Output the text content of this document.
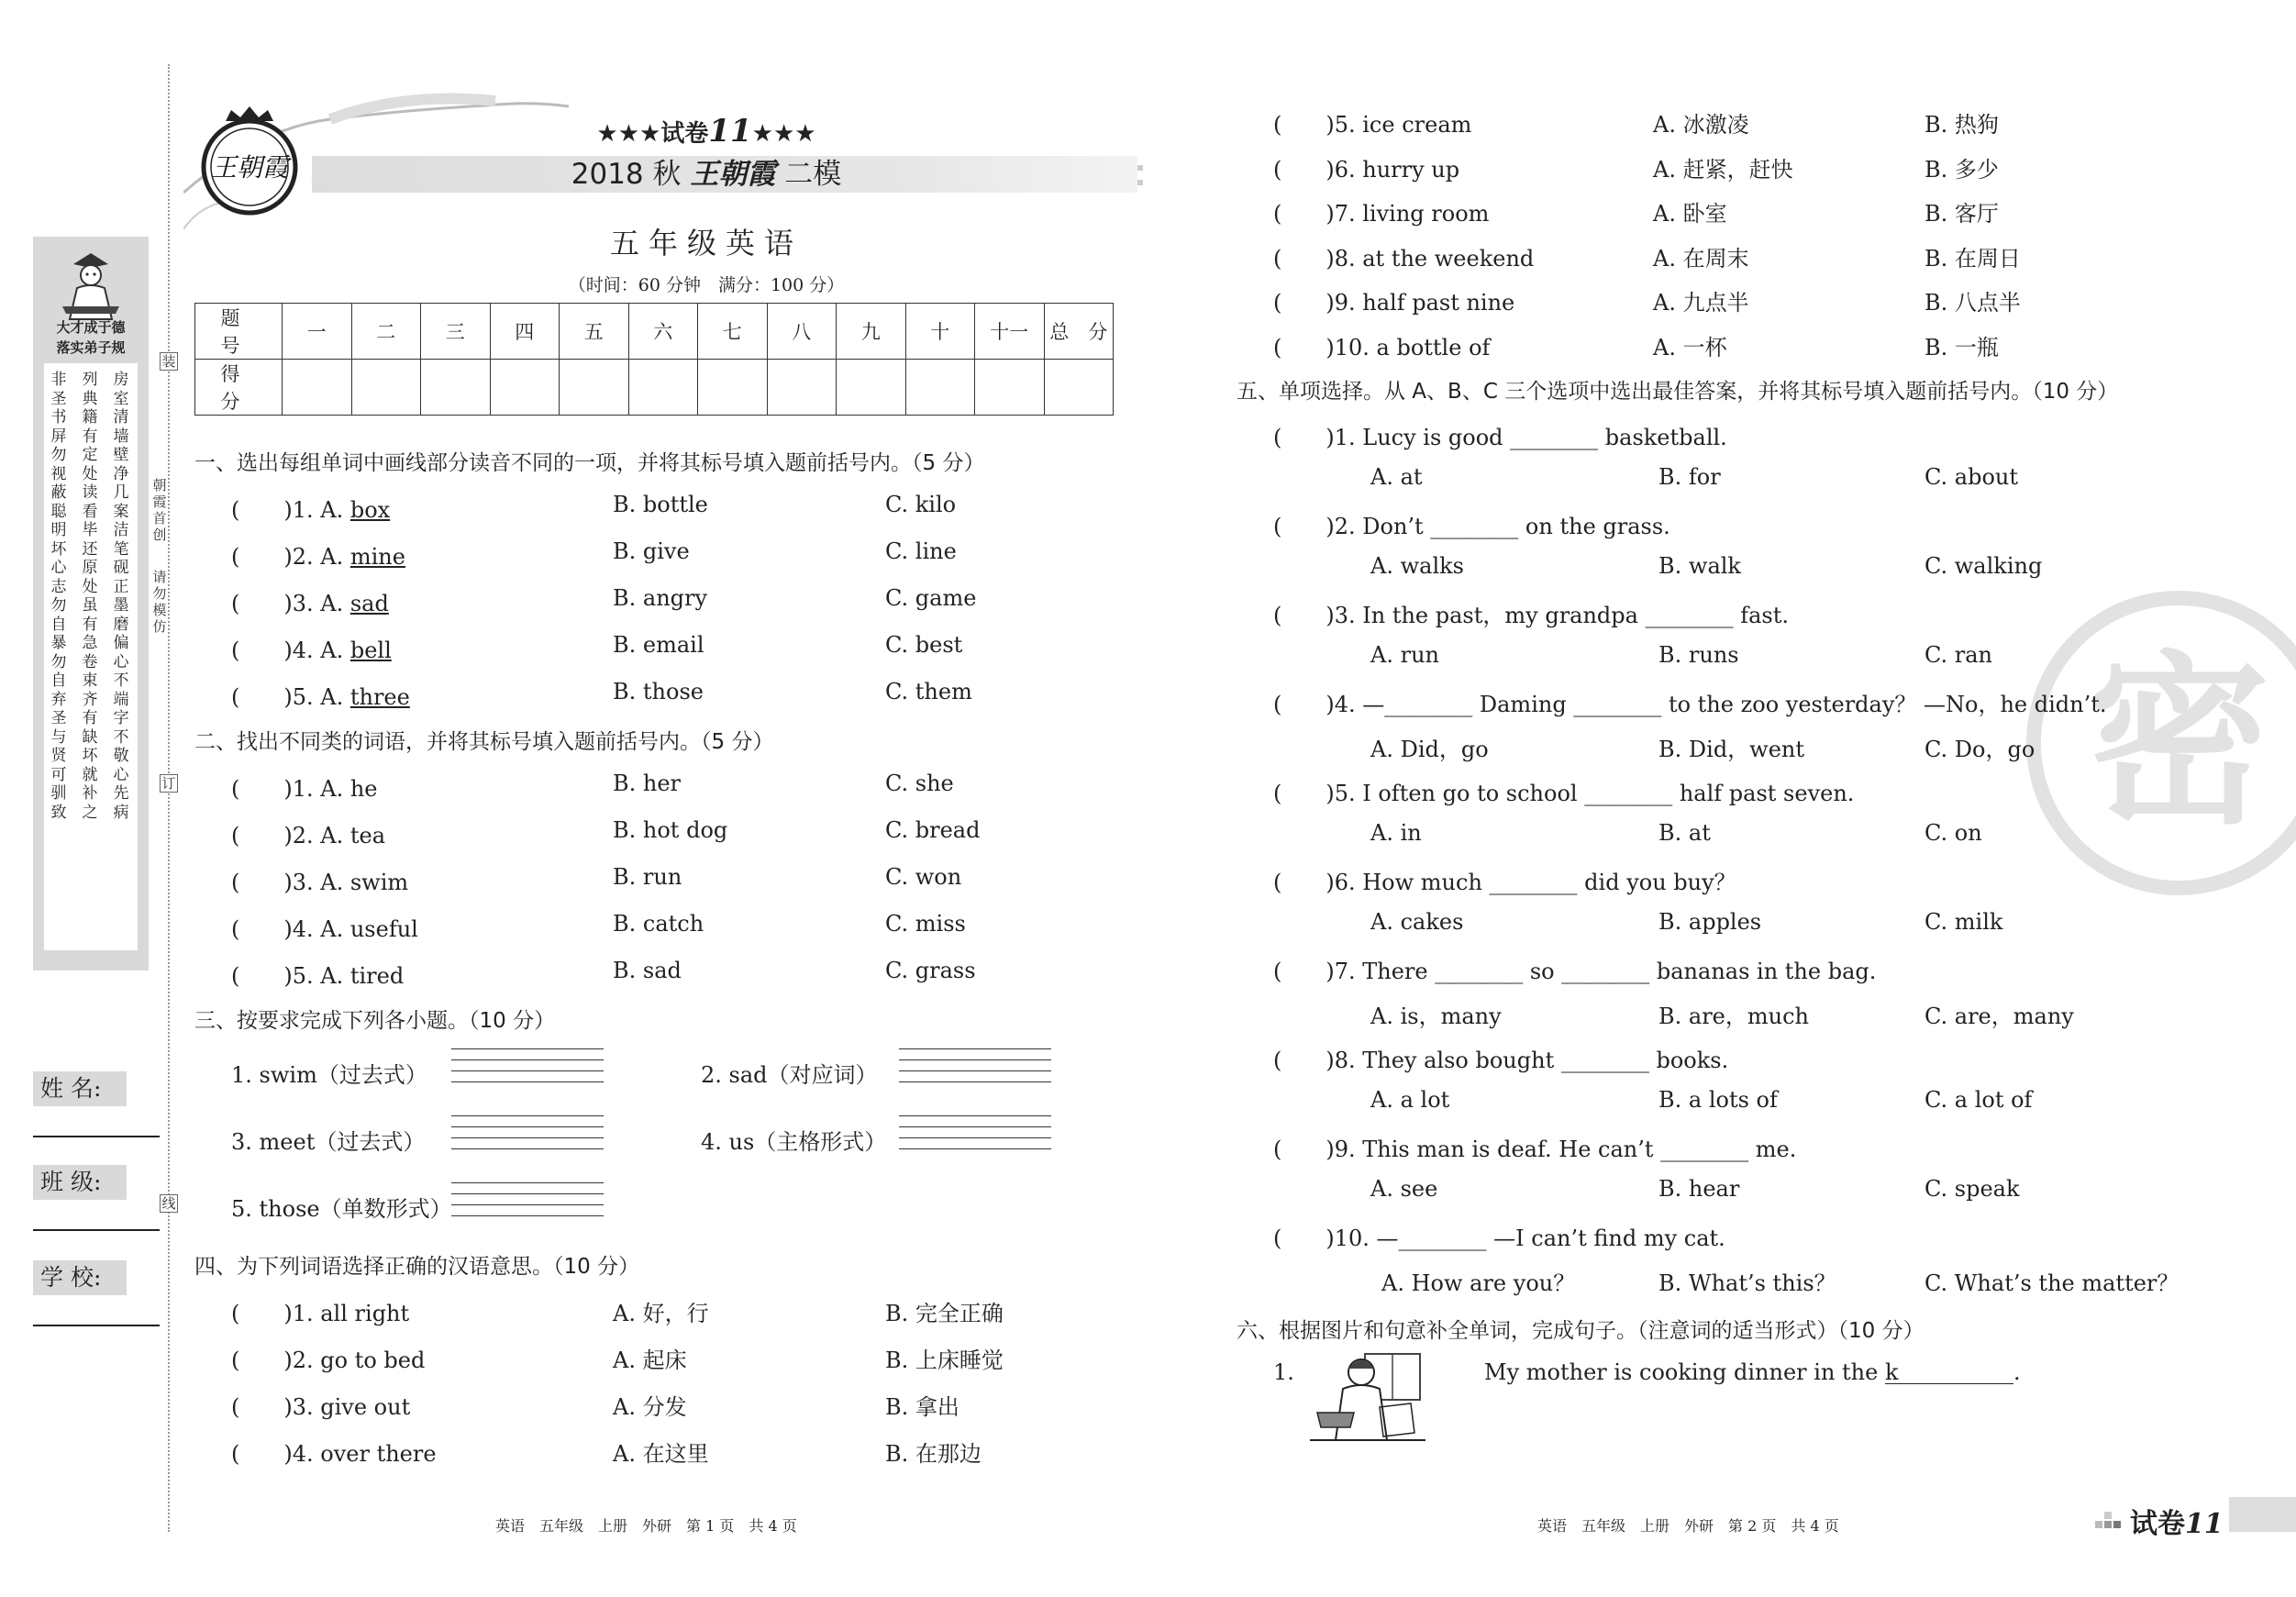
大才成于德
落实弟子规
非圣书屏勿视蔽聪明坏心志勿自暴勿自弃圣与贤可驯致
列典籍有定处读看毕还原处虽有急卷束齐有缺坏就补之
房室清墙壁净几案洁笔砚正墨磨偏心不端字不敬心先病
朝霞首创
请勿模仿
装
订
线
姓 名:
班 级:
学 校:
王朝霞
★★★试卷11★★★
2018 秋 王朝霞 二模
五年级英语
（时间：60 分钟　满分：100 分）
题　号	一	二	三	四	五	六	七	八	九	十	十一	总　分
得　分												
一、选出每组单词中画线部分读音不同的一项，并将其标号填入题前括号内。（5 分）
(　　)1. A. box	B. bottle	C. kilo
(　　)2. A. mine	B. give	C. line
(　　)3. A. sad	B. angry	C. game
(　　)4. A. bell	B. email	C. best
(　　)5. A. three	B. those	C. them
二、找出不同类的词语，并将其标号填入题前括号内。（5 分）
(　　)1. A. he	B. her	C. she
(　　)2. A. tea	B. hot dog	C. bread
(　　)3. A. swim	B. run	C. won
(　　)4. A. useful	B. catch	C. miss
(　　)5. A. tired	B. sad	C. grass
三、按要求完成下列各小题。（10 分）
1. swim（过去式）	2. sad（对应词）
3. meet（过去式）	4. us（主格形式）
5. those（单数形式）
四、为下列词语选择正确的汉语意思。（10 分）
(　　)1. all right	A. 好，行	B. 完全正确
(　　)2. go to bed	A. 起床	B. 上床睡觉
(　　)3. give out	A. 分发	B. 拿出
(　　)4. over there	A. 在这里	B. 在那边
英语　五年级　上册　外研　第 1 页　共 4 页
密
(　　)5. ice cream	A. 冰激凌	B. 热狗
(　　)6. hurry up	A. 赶紧，赶快	B. 多少
(　　)7. living room	A. 卧室	B. 客厅
(　　)8. at the weekend	A. 在周末	B. 在周日
(　　)9. half past nine	A. 九点半	B. 八点半
(　　)10. a bottle of	A. 一杯	B. 一瓶
五、单项选择。从 A、B、C 三个选项中选出最佳答案，并将其标号填入题前括号内。（10 分）
(　　)1. Lucy is good ________ basketball.
A. at	B. for	C. about
(　　)2. Don’t ________ on the grass.
A. walks	B. walk	C. walking
(　　)3. In the past，my grandpa ________ fast.
A. run	B. runs	C. ran
(　　)4. —________ Daming ________ to the zoo yesterday？ —No，he didn’t.
A. Did，go	B. Did，went	C. Do，go
(　　)5. I often go to school ________ half past seven.
A. in	B. at	C. on
(　　)6. How much ________ did you buy？
A. cakes	B. apples	C. milk
(　　)7. There ________ so ________ bananas in the bag.
A. is，many	B. are，much	C. are，many
(　　)8. They also bought ________ books.
A. a lot	B. a lots of	C. a lot of
(　　)9. This man is deaf. He can’t ________ me.
A. see	B. hear	C. speak
(　　)10. —________ —I can’t find my cat.
A. How are you？	B. What’s this？	C. What’s the matter？
六、根据图片和句意补全单词，完成句子。（注意词的适当形式）（10 分）
1.	My mother is cooking dinner in the k	.
英语　五年级　上册　外研　第 2 页　共 4 页	试卷11
